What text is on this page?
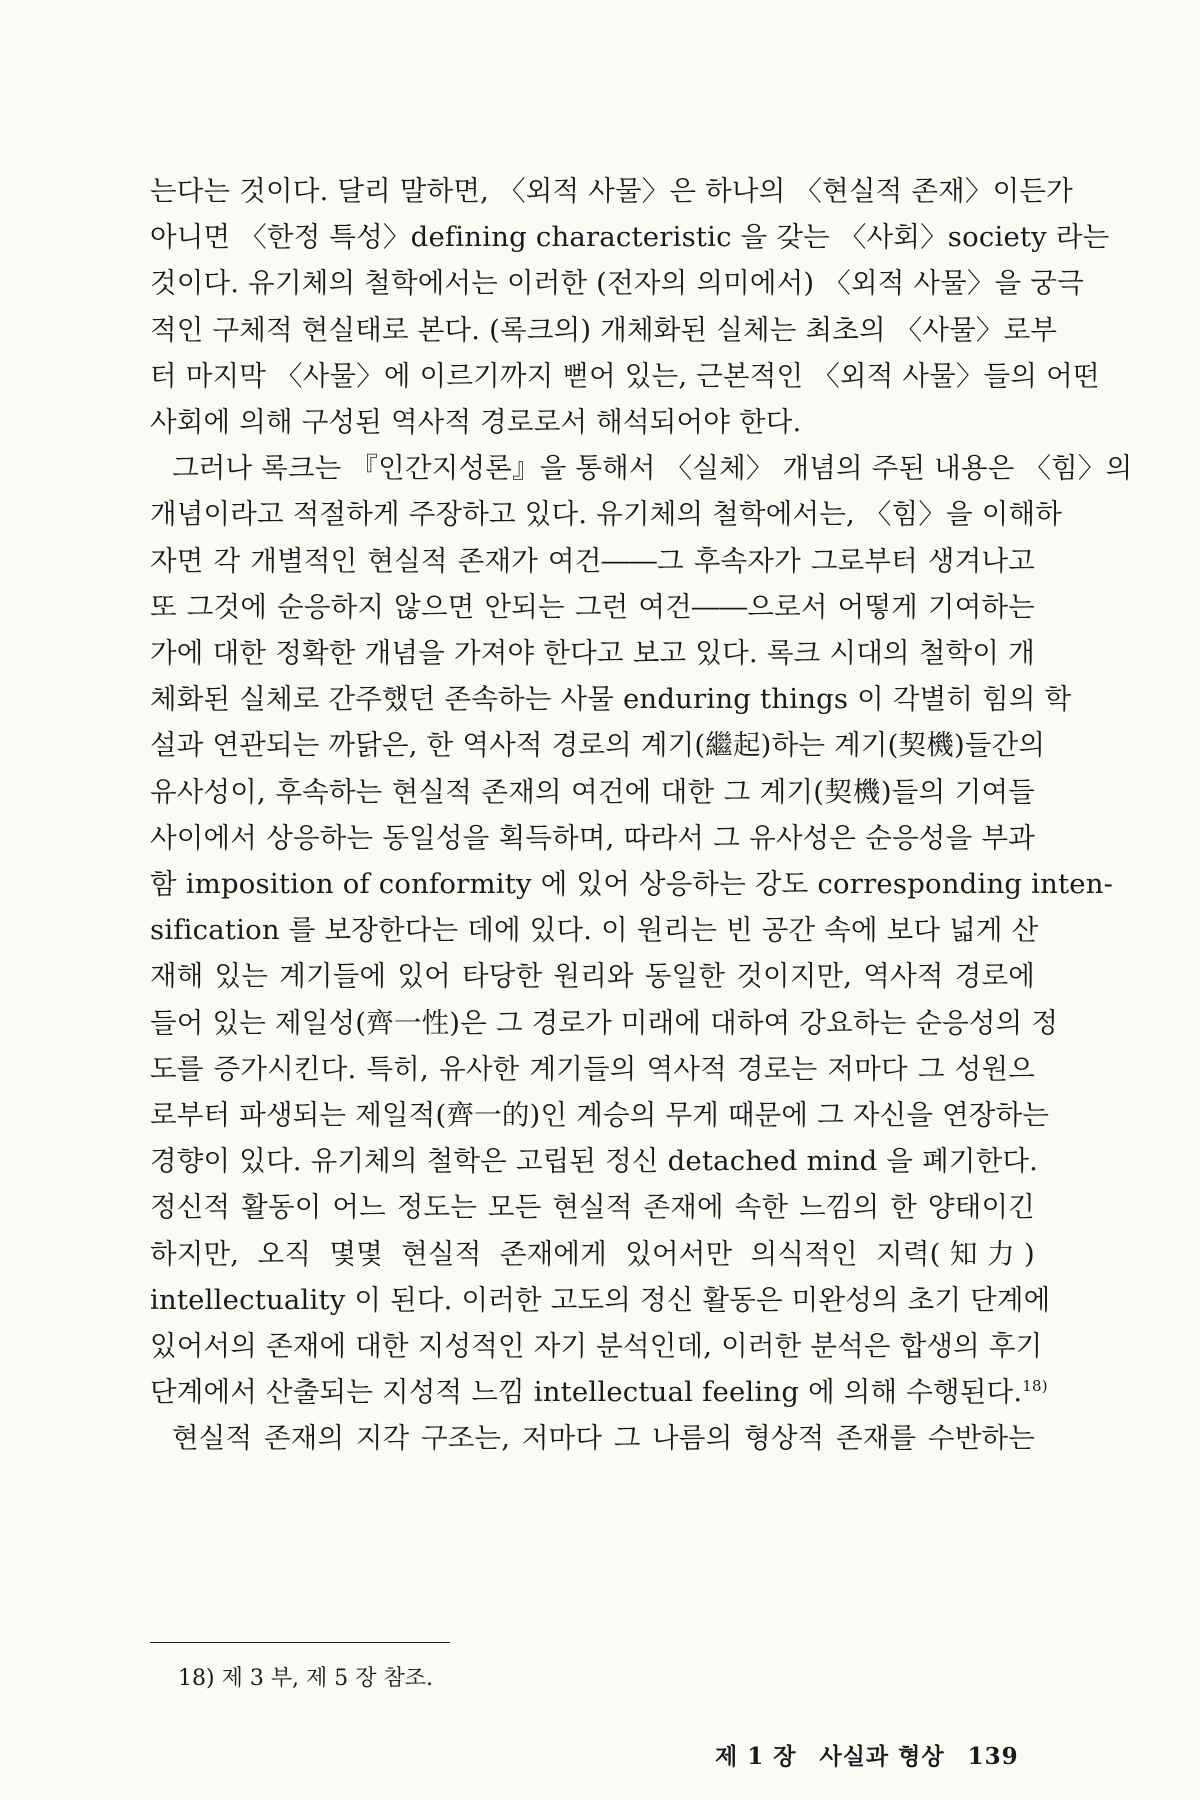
는다는 것이다. 달리 말하면, 〈외적 사물〉은 하나의 〈현실적 존재〉이든가
아니면 〈한정 특성〉defining characteristic 을 갖는 〈사회〉society 라는
것이다. 유기체의 철학에서는 이러한 (전자의 의미에서) 〈외적 사물〉을 궁극
적인 구체적 현실태로 본다. (록크의) 개체화된 실체는 최초의 〈사물〉로부
터 마지막 〈사물〉에 이르기까지 뻗어 있는, 근본적인 〈외적 사물〉들의 어떤
사회에 의해 구성된 역사적 경로로서 해석되어야 한다.
그러나 록크는 『인간지성론』을 통해서 〈실체〉 개념의 주된 내용은 〈힘〉의
개념이라고 적절하게 주장하고 있다. 유기체의 철학에서는, 〈힘〉을 이해하
자면 각 개별적인 현실적 존재가 여건――그 후속자가 그로부터 생겨나고
또 그것에 순응하지 않으면 안되는 그런 여건――으로서 어떻게 기여하는
가에 대한 정확한 개념을 가져야 한다고 보고 있다. 록크 시대의 철학이 개
체화된 실체로 간주했던 존속하는 사물 enduring things 이 각별히 힘의 학
설과 연관되는 까닭은, 한 역사적 경로의 계기(繼起)하는 계기(契機)들간의
유사성이, 후속하는 현실적 존재의 여건에 대한 그 계기(契機)들의 기여들
사이에서 상응하는 동일성을 획득하며, 따라서 그 유사성은 순응성을 부과
함 imposition of conformity 에 있어 상응하는 강도 corresponding inten-
sification 를 보장한다는 데에 있다. 이 원리는 빈 공간 속에 보다 넓게 산
재해 있는 계기들에 있어 타당한 원리와 동일한 것이지만, 역사적 경로에
들어 있는 제일성(齊一性)은 그 경로가 미래에 대하여 강요하는 순응성의 정
도를 증가시킨다. 특히, 유사한 계기들의 역사적 경로는 저마다 그 성원으
로부터 파생되는 제일적(齊一的)인 계승의 무게 때문에 그 자신을 연장하는
경향이 있다. 유기체의 철학은 고립된 정신 detached mind 을 폐기한다.
정신적 활동이 어느 정도는 모든 현실적 존재에 속한 느낌의 한 양태이긴
하지만, 오직 몇몇 현실적 존재에게 있어서만 의식적인 지력(知力)
intellectuality 이 된다. 이러한 고도의 정신 활동은 미완성의 초기 단계에
있어서의 존재에 대한 지성적인 자기 분석인데, 이러한 분석은 합생의 후기
단계에서 산출되는 지성적 느낌 intellectual feeling 에 의해 수행된다.$^{18)}$
현실적 존재의 지각 구조는, 저마다 그 나름의 형상적 존재를 수반하는
18) 제 3 부, 제 5 장 참조.
제 1 장 사실과 형상 139
